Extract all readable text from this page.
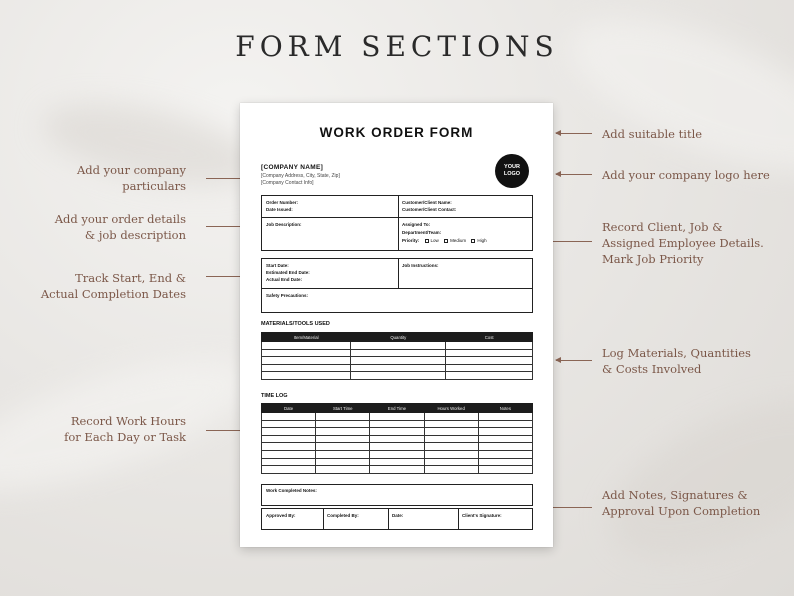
FORM SECTIONS
Add your company particulars
Add your order details & job description
Track Start, End & Actual Completion Dates
Record Work Hours for Each Day or Task
Add suitable title
Add your company logo here
Record Client, Job & Assigned Employee Details. Mark Job Priority
Log Materials, Quantities & Costs Involved
Add Notes, Signatures & Approval Upon Completion
WORK ORDER FORM
[COMPANY NAME]
[Company Address, City, State, Zip]
[Company Contact Info]
YOUR
LOGO
Order Number:
Date Issued:
Customer/Client Name:
Customer/Client Contact:
Job Description:	Assigned To:
Department/Team:
Priority:	Low	Medium	High
Start Date:
Estimated End Date:
Actual End Date:
Job Instructions:
Safety Precautions:
MATERIALS/TOOLS USED
Item/Material	Quantity	Cost

TIME LOG
Date	Start Time	End Time	Hours Worked	Notes

Work Completed Notes:
Approved By:	Completed By:	Date:	Client's Signature:
